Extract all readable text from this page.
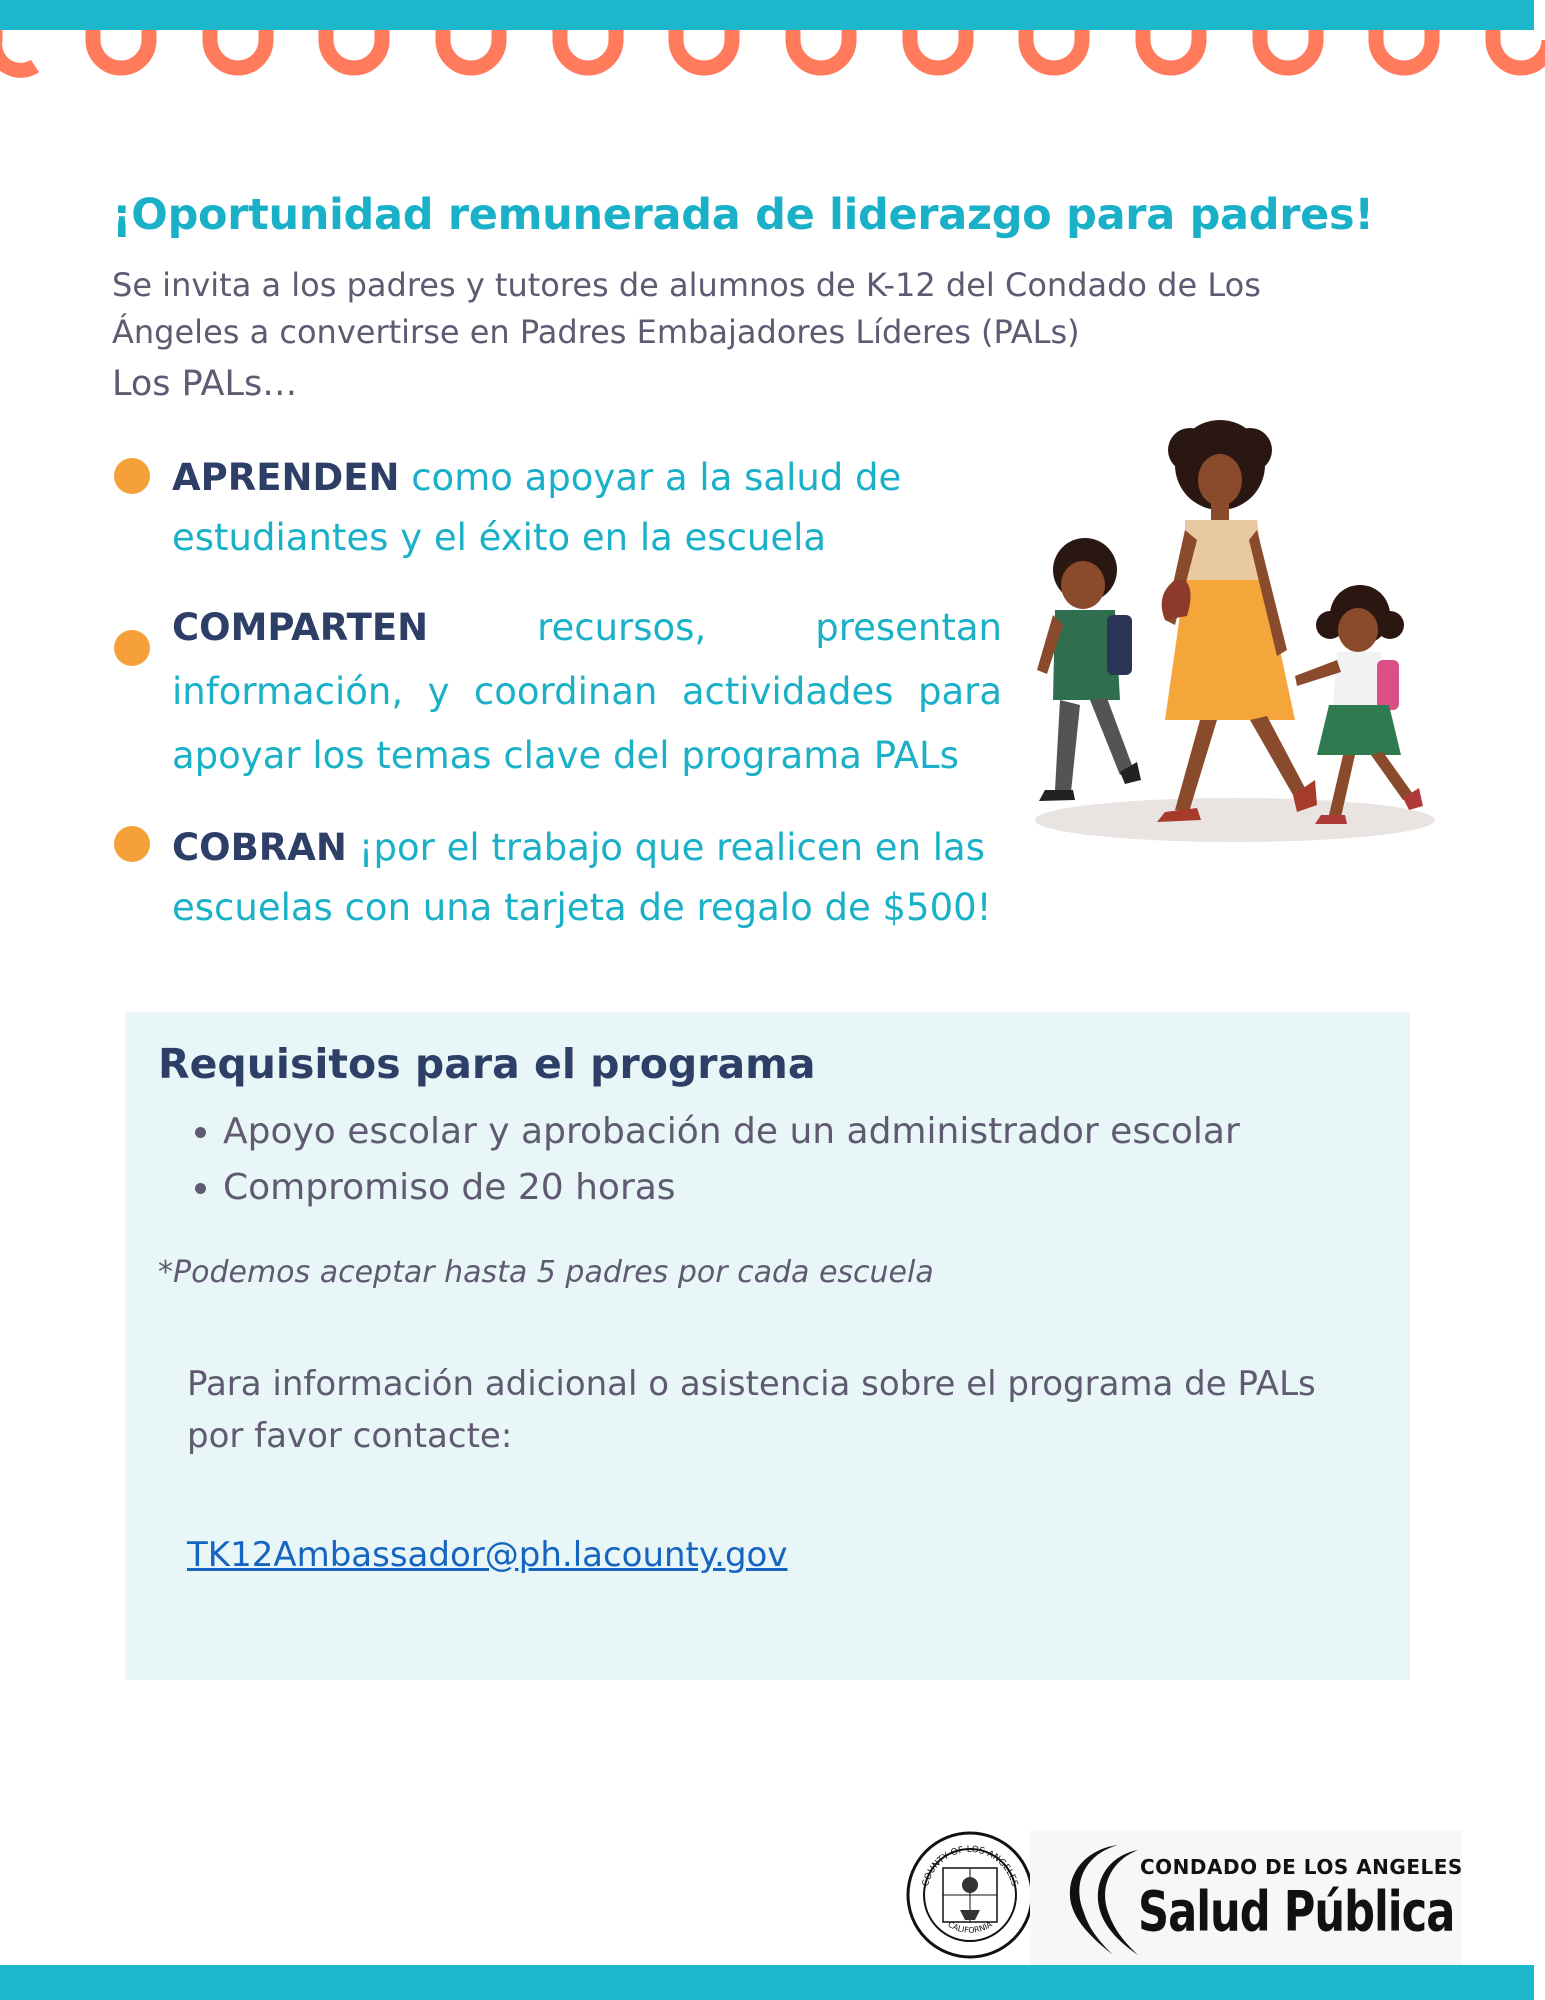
¡Oportunidad remunerada de liderazgo para padres!
Se invita a los padres y tutores de alumnos de K-12 del Condado de Los Ángeles a convertirse en Padres Embajadores Líderes (PALs)
Los PALs…
APRENDEN como apoyar a la salud de estudiantes y el éxito en la escuela
COMPARTEN recursos, presentan información, y coordinan actividades para apoyar los temas clave del programa PALs
COBRAN ¡por el trabajo que realicen en las escuelas con una tarjeta de regalo de $500!
Requisitos para el programa
• Apoyo escolar y aprobación de un administrador escolar
• Compromiso de 20 horas
*Podemos aceptar hasta 5 padres por cada escuela
Para información adicional o asistencia sobre el programa de PALs por favor contacte:
TK12Ambassador@ph.lacounty.gov
COUNTY OF LOS ANGELES
CALIFORNIA
CONDADO DE LOS ANGELES
Salud Pública
